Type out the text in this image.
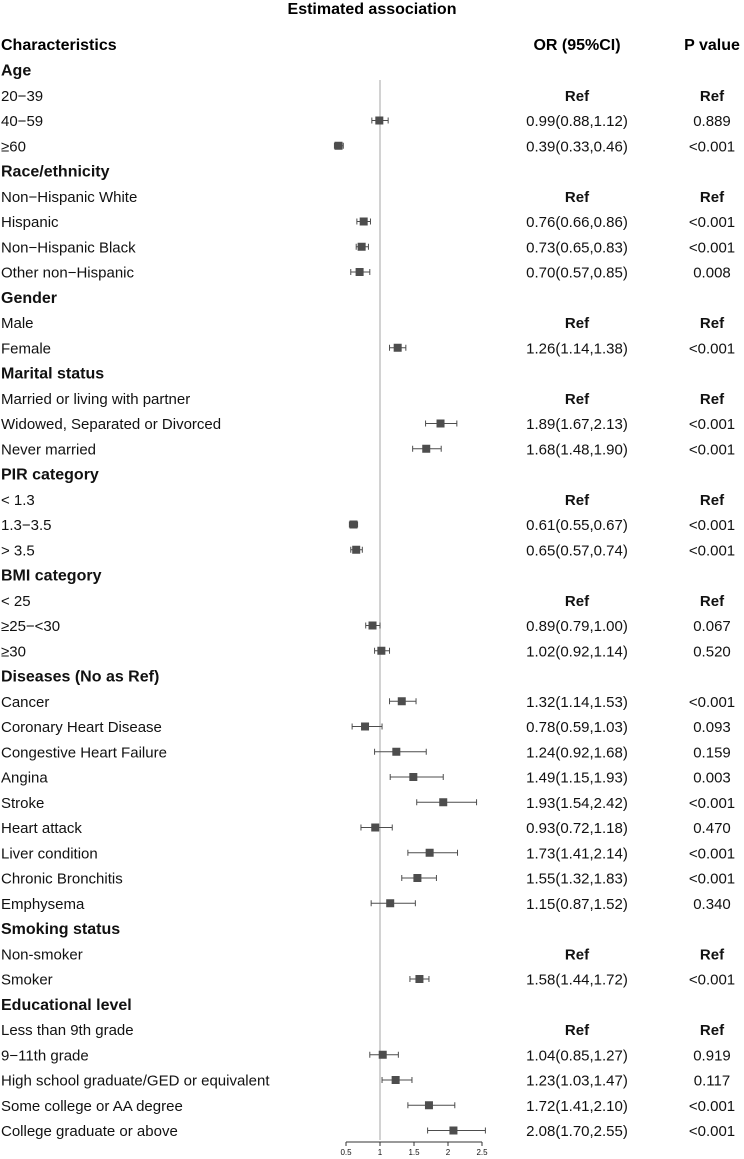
Estimated association
Characteristics	OR (95%CI)	P value
Age
20−39	Ref	Ref
40−59	0.99(0.88,1.12)	0.889
≥60	0.39(0.33,0.46)	<0.001
Race/ethnicity
Non−Hispanic White	Ref	Ref
Hispanic	0.76(0.66,0.86)	<0.001
Non−Hispanic Black	0.73(0.65,0.83)	<0.001
Other non−Hispanic	0.70(0.57,0.85)	0.008
Gender
Male	Ref	Ref
Female	1.26(1.14,1.38)	<0.001
Marital status
Married or living with partner	Ref	Ref
Widowed, Separated or Divorced	1.89(1.67,2.13)	<0.001
Never married	1.68(1.48,1.90)	<0.001
PIR category
< 1.3	Ref	Ref
1.3−3.5	0.61(0.55,0.67)	<0.001
> 3.5	0.65(0.57,0.74)	<0.001
BMI category
< 25	Ref	Ref
≥25−<30	0.89(0.79,1.00)	0.067
≥30	1.02(0.92,1.14)	0.520
Diseases (No as Ref)
Cancer	1.32(1.14,1.53)	<0.001
Coronary Heart Disease	0.78(0.59,1.03)	0.093
Congestive Heart Failure	1.24(0.92,1.68)	0.159
Angina	1.49(1.15,1.93)	0.003
Stroke	1.93(1.54,2.42)	<0.001
Heart attack	0.93(0.72,1.18)	0.470
Liver condition	1.73(1.41,2.14)	<0.001
Chronic Bronchitis	1.55(1.32,1.83)	<0.001
Emphysema	1.15(0.87,1.52)	0.340
Smoking status
Non-smoker	Ref	Ref
Smoker	1.58(1.44,1.72)	<0.001
Educational level
Less than 9th grade	Ref	Ref
9−11th grade	1.04(0.85,1.27)	0.919
High school graduate/GED or equivalent	1.23(1.03,1.47)	0.117
Some college or AA degree	1.72(1.41,2.10)	<0.001
College graduate or above	2.08(1.70,2.55)	<0.001
0.5	1	1.5	2	2.5
